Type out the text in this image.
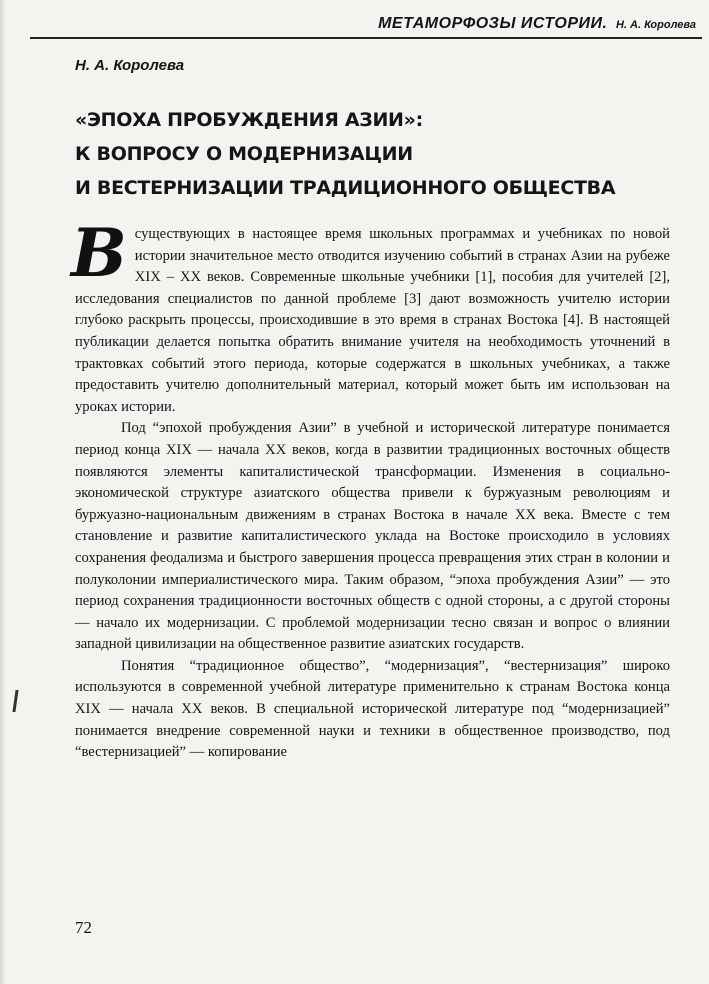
МЕТАМОРФОЗЫ ИСТОРИИ. Н. А. Королева
Н. А. Королева
«ЭПОХА ПРОБУЖДЕНИЯ АЗИИ»:
К ВОПРОСУ О МОДЕРНИЗАЦИИ
И ВЕСТЕРНИЗАЦИИ ТРАДИЦИОННОГО ОБЩЕСТВА

Всуществующих в настоящее время школьных программах и учебниках по новой истории значительное место отводится изучению событий в странах Азии на рубеже XIX – XX веков. Современные школьные учебники [1], пособия для учителей [2], исследования специалистов по данной проблеме [3] дают возможность учителю истории глубоко раскрыть процессы, происходившие в это время в странах Востока [4]. В настоящей публикации делается попытка обратить внимание учителя на необходимость уточнений в трактовках событий этого периода, которые содержатся в школьных учебниках, а также предоставить учителю дополнительный материал, который может быть им использован на уроках истории.

Под “эпохой пробуждения Азии” в учебной и исторической литературе понимается период конца XIX — начала XX веков, когда в развитии традиционных восточных обществ появляются элементы капиталистической трансформации. Изменения в социально-экономической структуре азиатского общества привели к буржуазным революциям и буржуазно-национальным движениям в странах Востока в начале XX века. Вместе с тем становление и развитие капиталистического уклада на Востоке происходило в условиях сохранения феодализма и быстрого завершения процесса превращения этих стран в колонии и полуколонии империалистического мира. Таким образом, “эпоха пробуждения Азии” — это период сохранения традиционности восточных обществ с одной стороны, а с другой стороны — начало их модернизации. С проблемой модернизации тесно связан и вопрос о влиянии западной цивилизации на общественное развитие азиатских государств.

Понятия “традиционное общество”, “модернизация”, “вестернизация” широко используются в современной учебной литературе применительно к странам Востока конца XIX — начала XX веков. В специальной исторической литературе под “модернизацией” понимается внедрение современной науки и техники в общественное производство, под “вестернизацией” — копирование

72
